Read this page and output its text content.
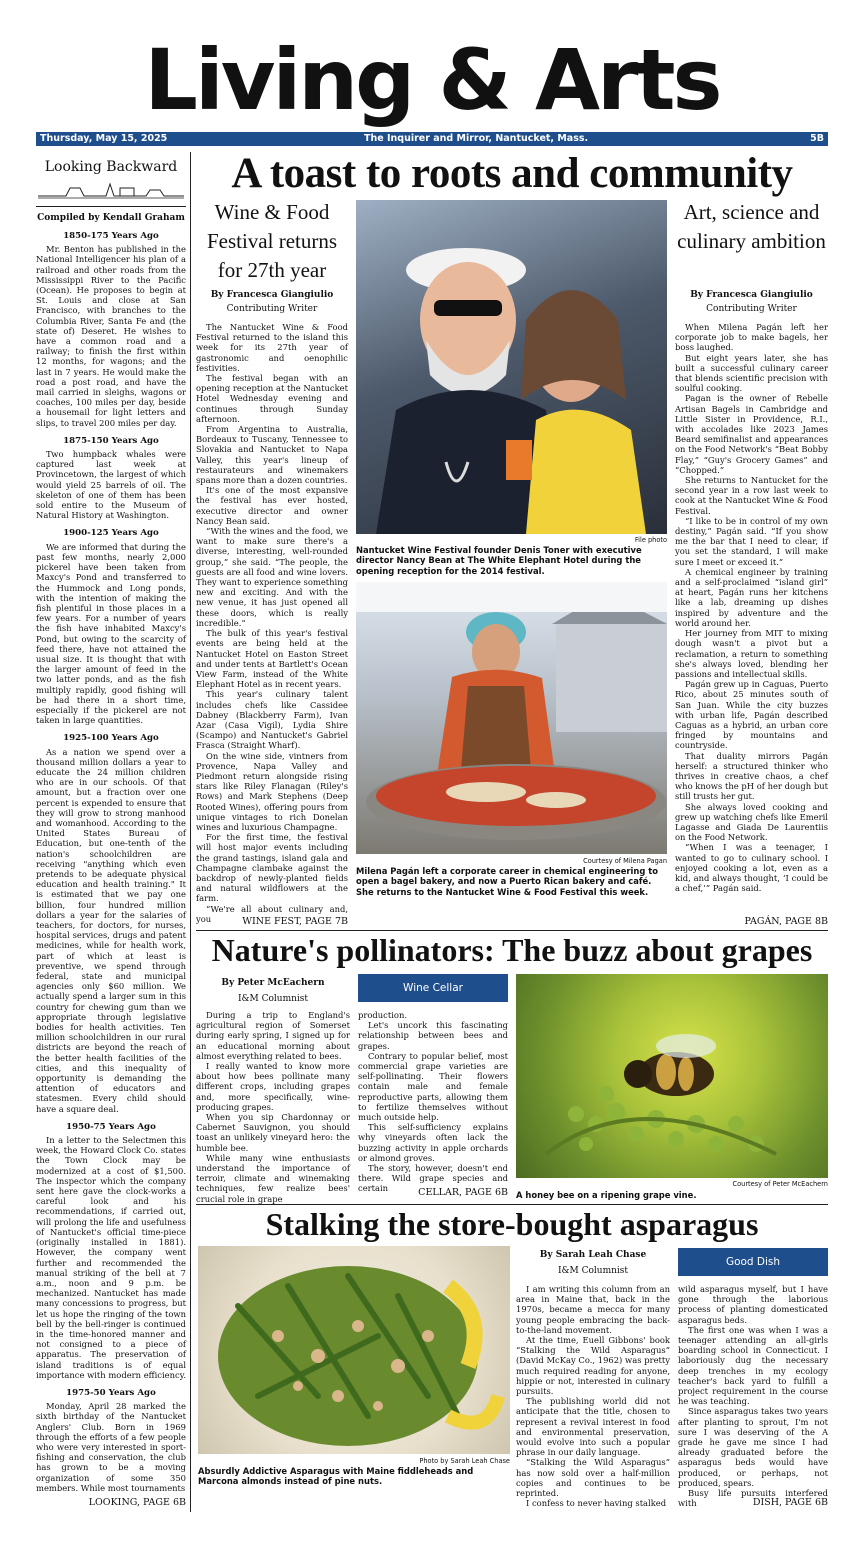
Living & Arts
Thursday, May 15, 2025	The Inquirer and Mirror, Nantucket, Mass.	5B
Looking Backward
Compiled by Kendall Graham
1850-175 Years Ago

Mr. Benton has published in the National Intelligencer his plan of a railroad and other roads from the Mississippi River to the Pacific (Ocean). He proposes to begin at St. Louis and close at San Francisco, with branches to the Columbia River, Santa Fe and (the state of) Deseret. He wishes to have a common road and a railway; to finish the first within 12 months, for wagons; and the last in 7 years. He would make the road a post road, and have the mail carried in sleighs, wagons or coaches, 100 miles per day, beside a housemail for light letters and slips, to travel 200 miles per day.

1875-150 Years Ago

Two humpback whales were captured last week at Provincetown, the largest of which would yield 25 barrels of oil. The skeleton of one of them has been sold entire to the Museum of Natural History at Washington.

1900-125 Years Ago

We are informed that during the past few months, nearly 2,000 pickerel have been taken from Maxcy's Pond and transferred to the Hummock and Long ponds, with the intention of making the fish plentiful in those places in a few years. For a number of years the fish have inhabited Maxcy's Pond, but owing to the scarcity of feed there, have not attained the usual size. It is thought that with the larger amount of feed in the two latter ponds, and as the fish multiply rapidly, good fishing will be had there in a short time, especially if the pickerel are not taken in large quantities.

1925-100 Years Ago

As a nation we spend over a thousand million dollars a year to educate the 24 million children who are in our schools. Of that amount, but a fraction over one percent is expended to ensure that they will grow to strong manhood and womanhood. According to the United States Bureau of Education, but one-tenth of the nation's schoolchildren are receiving "anything which even pretends to be adequate physical education and health training." It is estimated that we pay one billion, four hundred million dollars a year for the salaries of teachers, for doctors, for nurses, hospital services, drugs and patent medicines, while for health work, part of which at least is preventive, we spend through federal, state and municipal agencies only $60 million. We actually spend a larger sum in this country for chewing gum than we appropriate through legislative bodies for health activities. Ten million schoolchildren in our rural districts are beyond the reach of the better health facilities of the cities, and this inequality of opportunity is demanding the attention of educators and statesmen. Every child should have a square deal.

1950-75 Years Ago

In a letter to the Selectmen this week, the Howard Clock Co. states the Town Clock may be modernized at a cost of $1,500. The inspector which the company sent here gave the clock-works a careful look and his recommendations, if carried out, will prolong the life and usefulness of Nantucket's official time-piece (originally installed in 1881). However, the company went further and recommended the manual striking of the bell at 7 a.m., noon and 9 p.m. be mechanized. Nantucket has made many concessions to progress, but let us hope the ringing of the town bell by the bell-ringer is continued in the time-honored manner and not consigned to a piece of apparatus. The preservation of island traditions is of equal importance with modern efficiency.

1975-50 Years Ago

Monday, April 28 marked the sixth birthday of the Nantucket Anglers' Club. Born in 1969 through the efforts of a few people who were very interested in sport-fishing and conservation, the club has grown to be a moving organization of some 350 members. While most tournaments

LOOKING, PAGE 6B
A toast to roots and community
Wine & Food Festival returns for 27th year
By Francesca Giangiulio
Contributing Writer

The Nantucket Wine & Food Festival returned to the island this week for its 27th year of gastronomic and oenophilic festivities.

The festival began with an opening reception at the Nantucket Hotel Wednesday evening and continues through Sunday afternoon.

From Argentina to Australia, Bordeaux to Tuscany, Tennessee to Slovakia and Nantucket to Napa Valley, this year's lineup of restaurateurs and winemakers spans more than a dozen countries.

It's one of the most expansive the festival has ever hosted, executive director and owner Nancy Bean said.

“With the wines and the food, we want to make sure there's a diverse, interesting, well-rounded group,” she said. “The people, the guests are all food and wine lovers. They want to experience something new and exciting. And with the new venue, it has just opened all these doors, which is really incredible.”

The bulk of this year's festival events are being held at the Nantucket Hotel on Easton Street and under tents at Bartlett's Ocean View Farm, instead of the White Elephant Hotel as in recent years.

This year's culinary talent includes chefs like Cassidee Dabney (Blackberry Farm), Ivan Azar (Casa Vigil), Lydia Shire (Scampo) and Nantucket's Gabriel Frasca (Straight Wharf).

On the wine side, vintners from Provence, Napa Valley and Piedmont return alongside rising stars like Riley Flanagan (Riley's Rows) and Mark Stephens (Deep Rooted Wines), offering pours from unique vintages to rich Donelan wines and luxurious Champagne.

For the first time, the festival will host major events including the grand tastings, island gala and Champagne clambake against the backdrop of newly-planted fields and natural wildflowers at the farm.

“We're all about culinary and, you	WINE FEST, PAGE 7B
File photo
Nantucket Wine Festival founder Denis Toner with executive director Nancy Bean at The White Elephant Hotel during the opening reception for the 2014 festival.
Courtesy of Milena Pagan
Milena Pagán left a corporate career in chemical engineering to open a bagel bakery, and now a Puerto Rican bakery and café. She returns to the Nantucket Wine & Food Festival this week.
Art, science and culinary ambition
By Francesca Giangiulio
Contributing Writer

When Milena Pagán left her corporate job to make bagels, her boss laughed.

But eight years later, she has built a successful culinary career that blends scientific precision with soulful cooking.

Pagan is the owner of Rebelle Artisan Bagels in Cambridge and Little Sister in Providence, R.I., with accolades like 2023 James Beard semifinalist and appearances on the Food Network's “Beat Bobby Flay,” “Guy's Grocery Games” and “Chopped.”

She returns to Nantucket for the second year in a row last week to cook at the Nantucket Wine & Food Festival.

“I like to be in control of my own destiny,” Pagán said. “If you show me the bar that I need to clear, if you set the standard, I will make sure I meet or exceed it.”

A chemical engineer by training and a self-proclaimed “island girl” at heart, Pagán runs her kitchens like a lab, dreaming up dishes inspired by adventure and the world around her.

Her journey from MIT to mixing dough wasn't a pivot but a reclamation, a return to something she's always loved, blending her passions and intellectual skills.

Pagán grew up in Caguas, Puerto Rico, about 25 minutes south of San Juan. While the city buzzes with urban life, Pagán described Caguas as a hybrid, an urban core fringed by mountains and countryside.

That duality mirrors Pagán herself: a structured thinker who thrives in creative chaos, a chef who knows the pH of her dough but still trusts her gut.

She always loved cooking and grew up watching chefs like Emeril Lagasse and Giada De Laurentiis on the Food Network.

“When I was a teenager, I wanted to go to culinary school. I enjoyed cooking a lot, even as a kid, and always thought, ‘I could be a chef,’” Pagán said.

PAGÁN, PAGE 8B
Nature's pollinators: The buzz about grapes
By Peter McEachern
I&M Columnist

During a trip to England's agricultural region of Somerset during early spring, I signed up for an educational morning about almost everything related to bees.

I really wanted to know more about how bees pollinate many different crops, including grapes and, more specifically, wine-producing grapes.

When you sip Chardonnay or Cabernet Sauvignon, you should toast an unlikely vineyard hero: the humble bee.

While many wine enthusiasts understand the importance of terroir, climate and winemaking techniques, few realize bees' crucial role in grape

Wine Cellar

production.

Let's uncork this fascinating relationship between bees and grapes.

Contrary to popular belief, most commercial grape varieties are self-pollinating. Their flowers contain male and female reproductive parts, allowing them to fertilize themselves without much outside help.

This self-sufficiency explains why vineyards often lack the buzzing activity in apple orchards or almond groves.

The story, however, doesn't end there. Wild grape species and certain	CELLAR, PAGE 6B
Courtesy of Peter McEachern
A honey bee on a ripening grape vine.
Stalking the store-bought asparagus
Photo by Sarah Leah Chase
Absurdly Addictive Asparagus with Maine fiddleheads and Marcona almonds instead of pine nuts.
By Sarah Leah Chase
I&M Columnist

I am writing this column from an area in Maine that, back in the 1970s, became a mecca for many young people embracing the back-to-the-land movement.

At the time, Euell Gibbons' book “Stalking the Wild Asparagus” (David McKay Co., 1962) was pretty much required reading for anyone, hippie or not, interested in culinary pursuits.

The publishing world did not anticipate that the title, chosen to represent a revival interest in food and environmental preservation, would evolve into such a popular phrase in our daily language.

“Stalking the Wild Asparagus” has now sold over a half-million copies and continues to be reprinted.

I confess to never having stalked

Good Dish

wild asparagus myself, but I have gone through the laborious process of planting domesticated asparagus beds.

The first one was when I was a teenager attending an all-girls boarding school in Connecticut. I laboriously dug the necessary deep trenches in my ecology teacher's back yard to fulfill a project requirement in the course he was teaching.

Since asparagus takes two years after planting to sprout, I'm not sure I was deserving of the A grade he gave me since I had already graduated before the asparagus beds would have produced, or perhaps, not produced, spears.

Busy life pursuits interfered with	DISH, PAGE 6B
